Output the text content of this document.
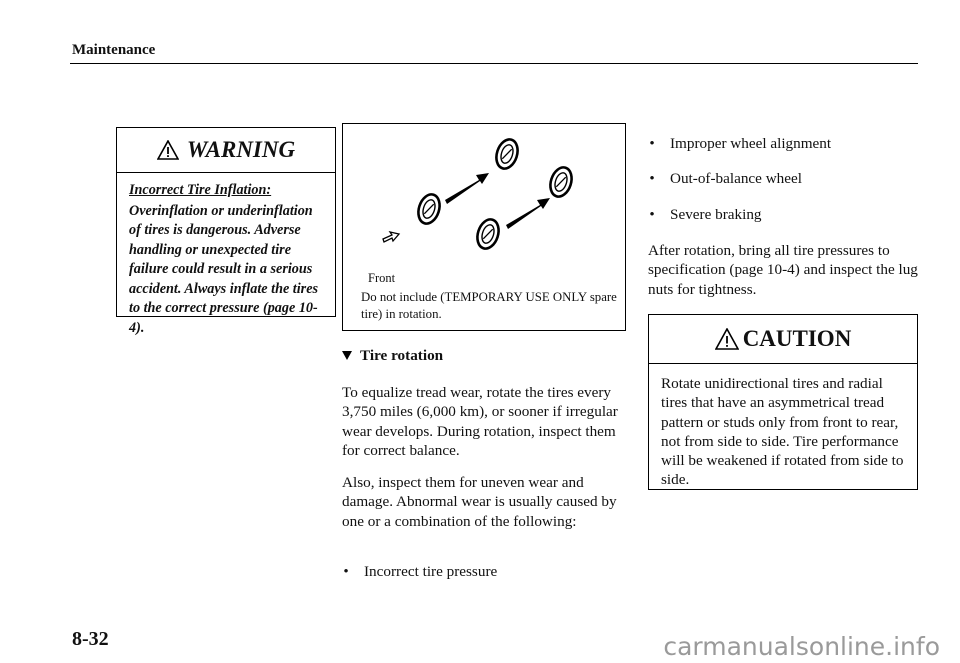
Maintenance
WARNING
Incorrect Tire Inflation:
Overinflation or underinflation of tires is dangerous. Adverse handling or unexpected tire failure could result in a serious accident. Always inflate the tires to the correct pressure (page 10-4).
Front
Do not include (TEMPORARY USE ONLY spare tire) in rotation.
Tire rotation
To equalize tread wear, rotate the tires every 3,750 miles (6,000 km), or sooner if irregular wear develops. During rotation, inspect them for correct balance.
Also, inspect them for uneven wear and damage. Abnormal wear is usually caused by one or a combination of the following:
• Incorrect tire pressure
• Improper wheel alignment
• Out-of-balance wheel
• Severe braking
After rotation, bring all tire pressures to specification (page 10-4) and inspect the lug nuts for tightness.
CAUTION
Rotate unidirectional tires and radial tires that have an asymmetrical tread pattern or studs only from front to rear, not from side to side. Tire performance will be weakened if rotated from side to side.
8-32	carmanualsonline.info
